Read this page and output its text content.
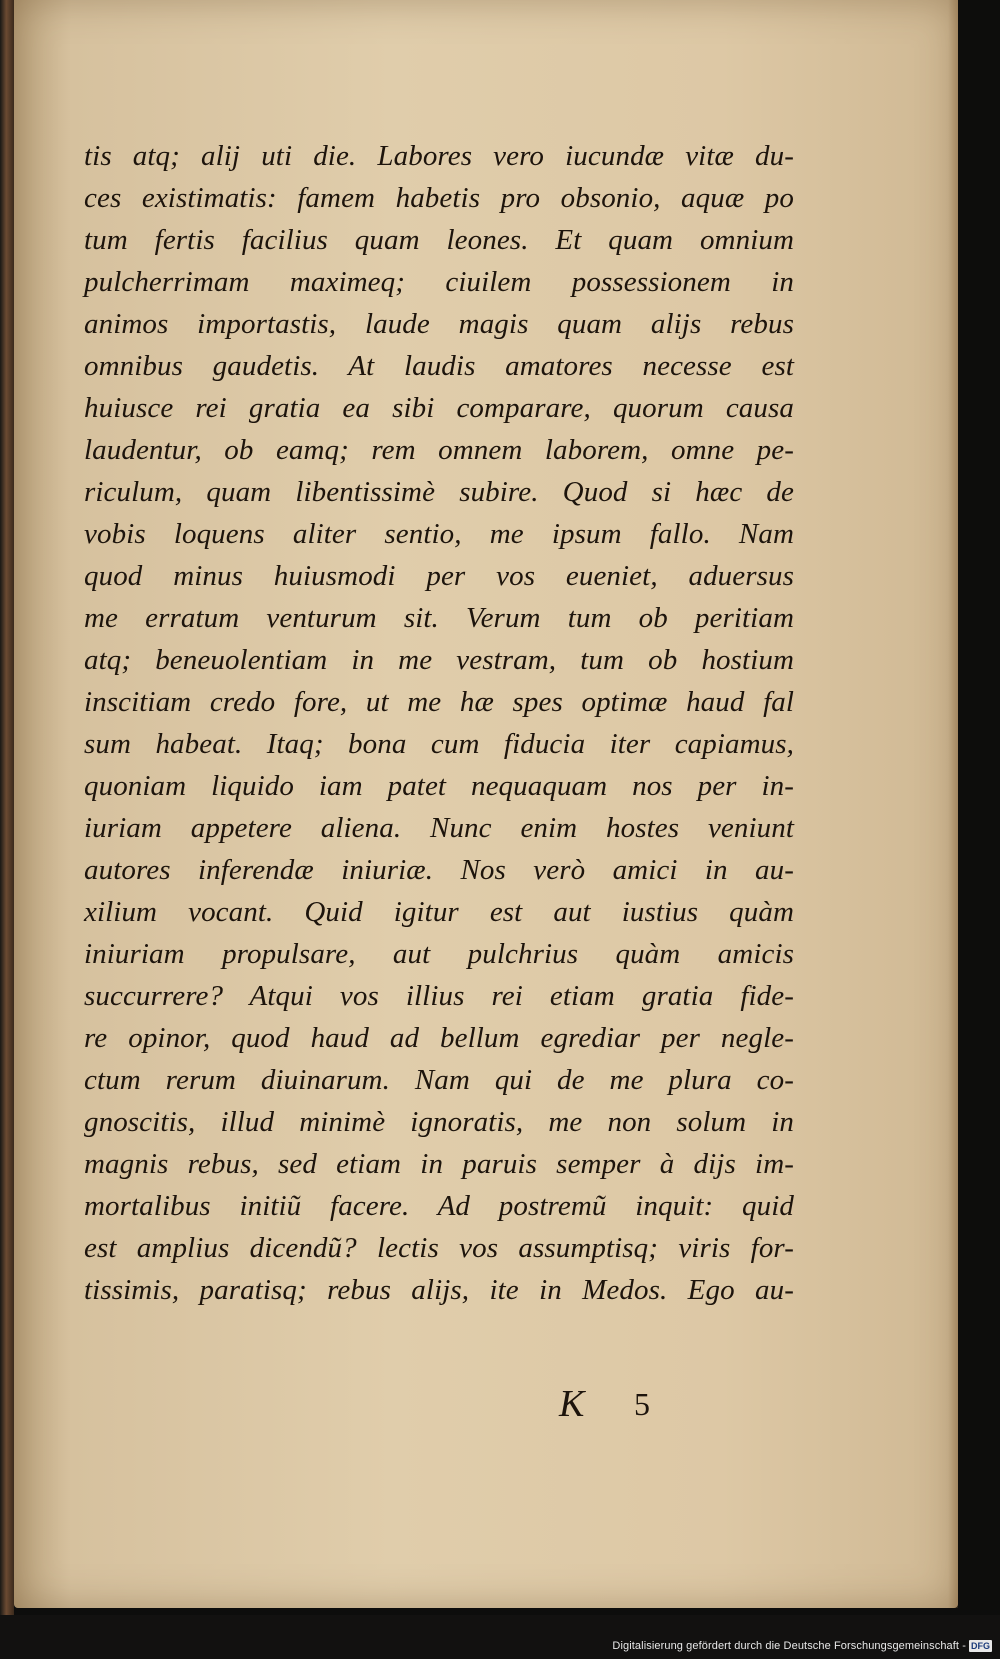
tis atq; alij uti die. Labores vero iucundæ vitæ du-
ces existimatis: famem habetis pro obsonio, aquæ po
tum fertis facilius quam leones. Et quam omnium
pulcherrimam maximeq; ciuilem possessionem in
animos importastis, laude magis quam alijs rebus
omnibus gaudetis. At laudis amatores necesse est
huiusce rei gratia ea sibi comparare, quorum causa
laudentur, ob eamq; rem omnem laborem, omne pe-
riculum, quam libentissimè subire. Quod si hæc de
vobis loquens aliter sentio, me ipsum fallo. Nam
quod minus huiusmodi per vos eueniet, aduersus
me erratum venturum sit. Verum tum ob peritiam
atq; beneuolentiam in me vestram, tum ob hostium
inscitiam credo fore, ut me hæ spes optimæ haud fal
sum habeat. Itaq; bona cum fiducia iter capiamus,
quoniam liquido iam patet nequaquam nos per in-
iuriam appetere aliena. Nunc enim hostes veniunt
autores inferendæ iniuriæ. Nos verò amici in au-
xilium vocant. Quid igitur est aut iustius quàm
iniuriam propulsare, aut pulchrius quàm amicis
succurrere? Atqui vos illius rei etiam gratia fide-
re opinor, quod haud ad bellum egrediar per negle-
ctum rerum diuinarum. Nam qui de me plura co-
gnoscitis, illud minimè ignoratis, me non solum in
magnis rebus, sed etiam in paruis semper à dijs im-
mortalibus initiũ facere. Ad postremũ inquit: quid
est amplius dicendũ? lectis vos assumptisq; viris for-
tissimis, paratisq; rebus alijs, ite in Medos. Ego au-
K 5
Digitalisierung gefördert durch die Deutsche Forschungsgemeinschaft - DFG
